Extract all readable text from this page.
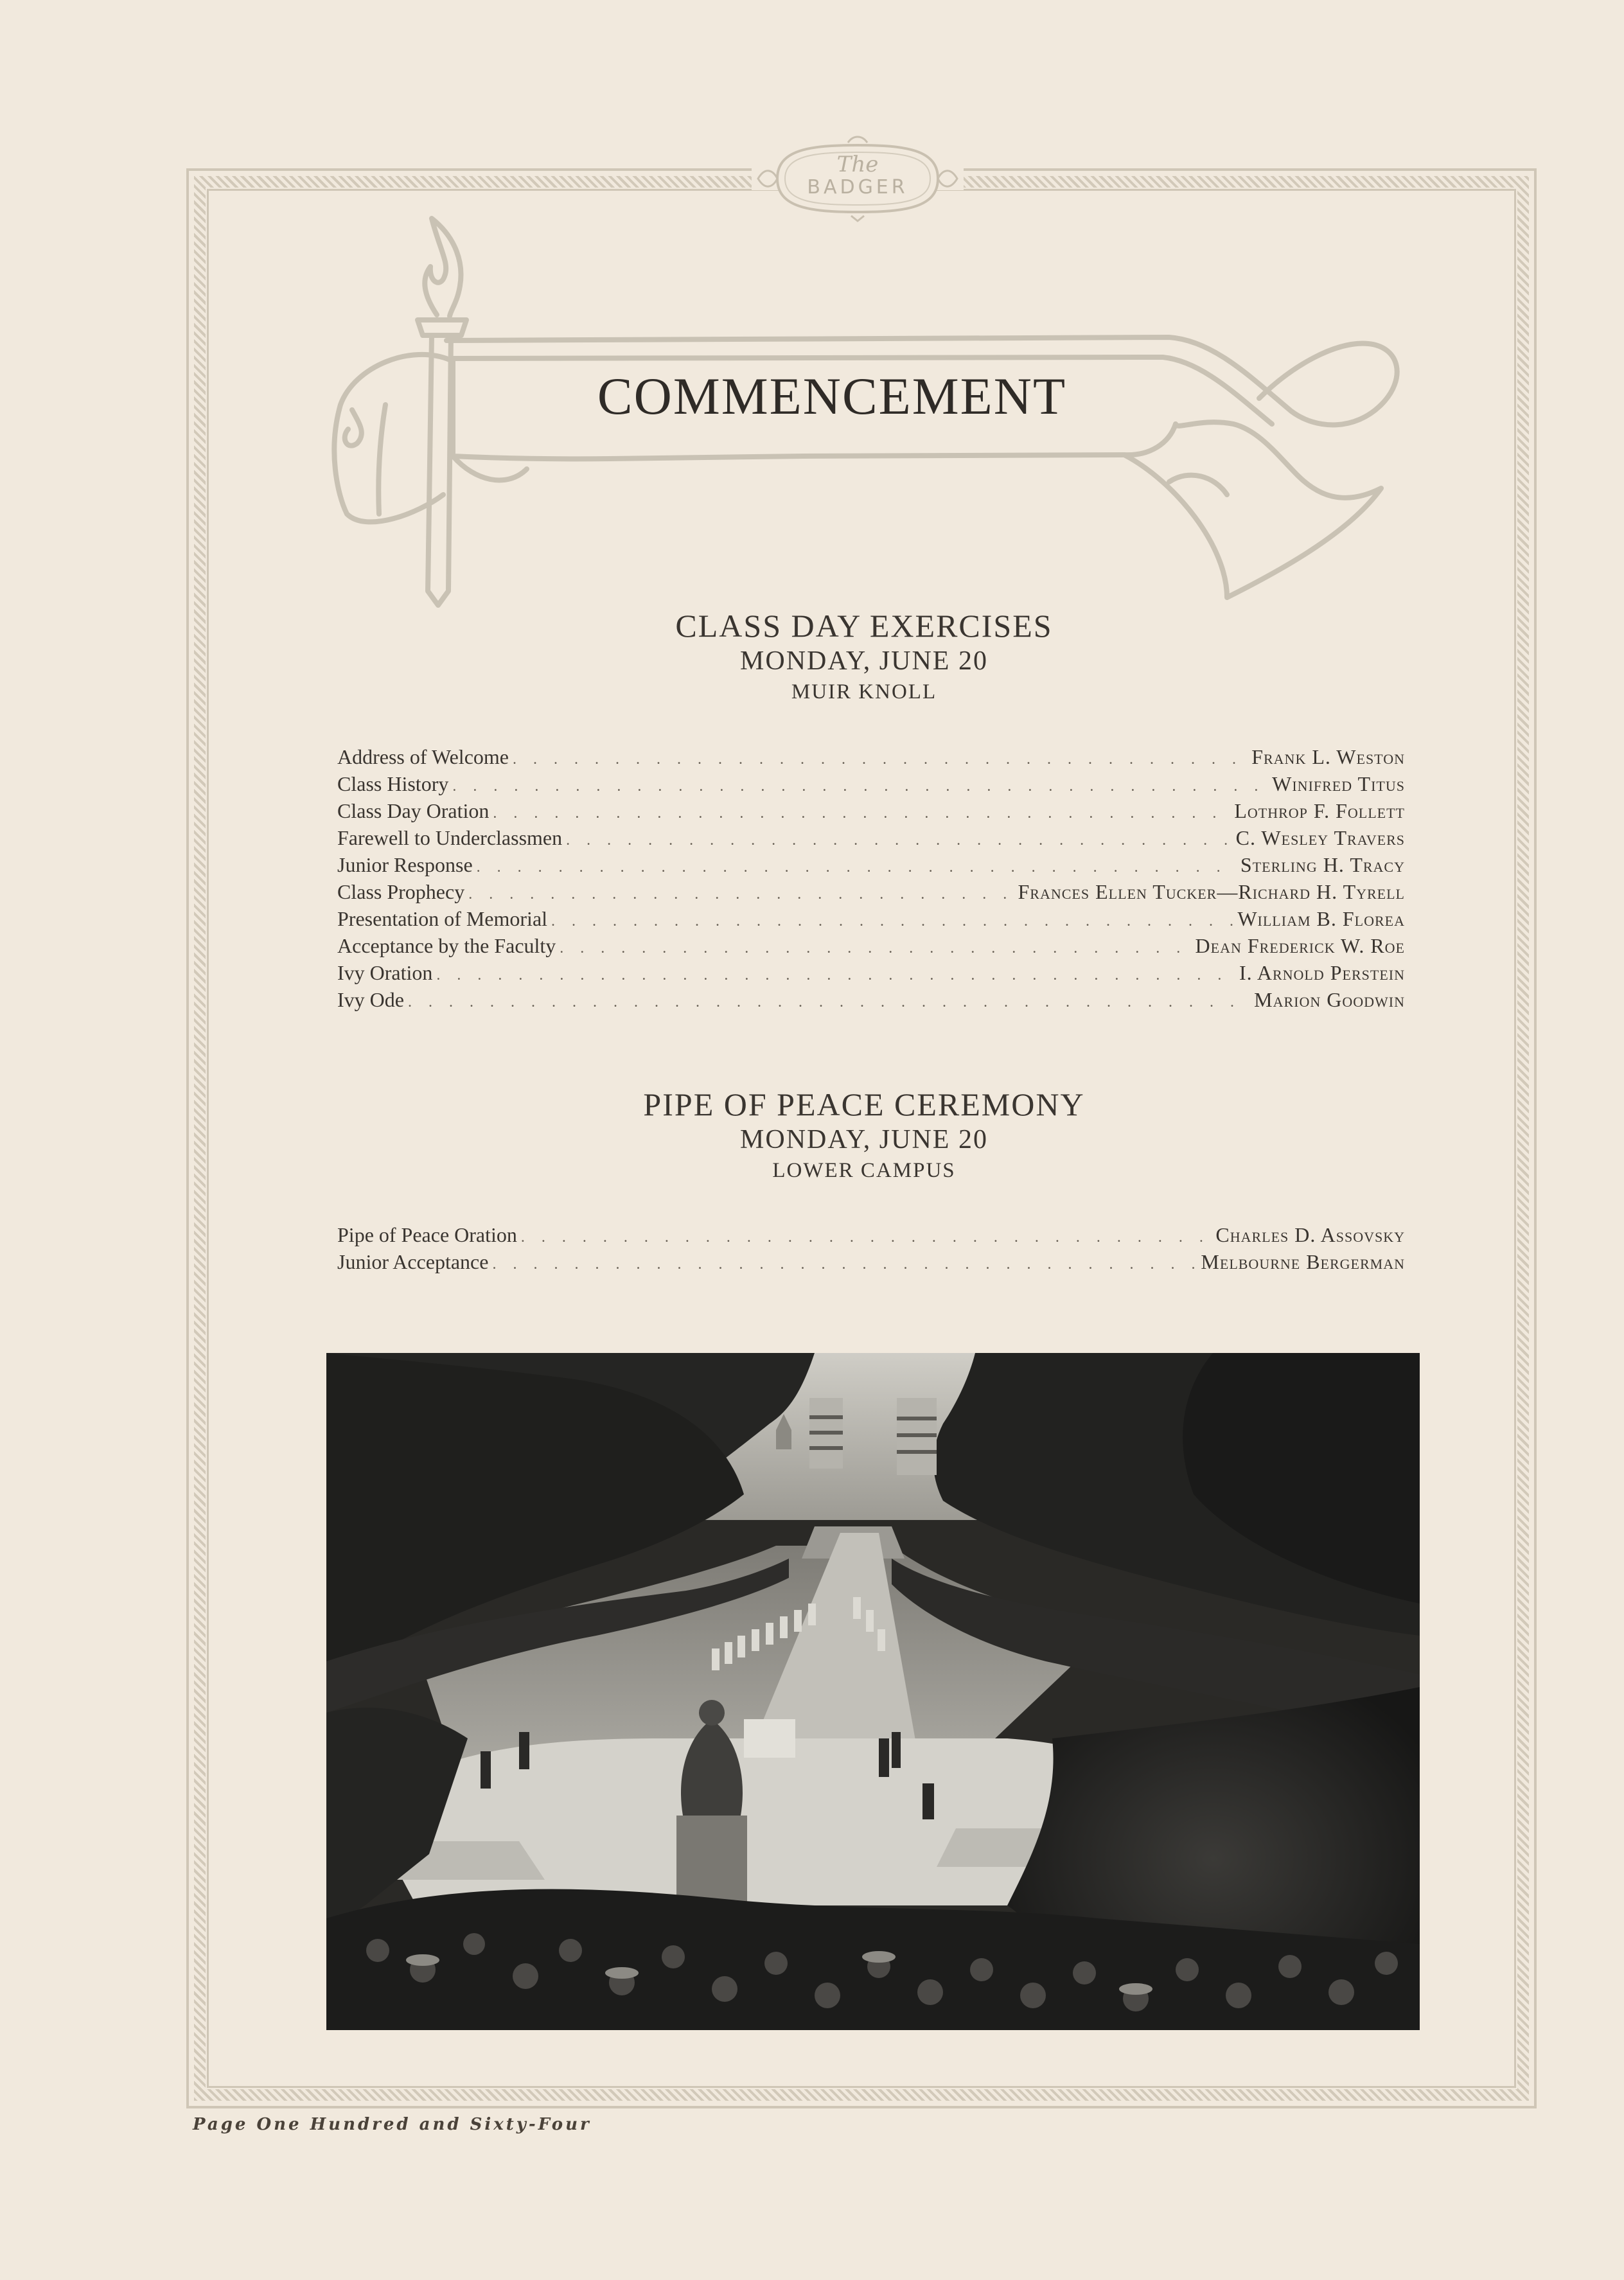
The
BADGER
COMMENCEMENT
CLASS DAY EXERCISES
MONDAY, JUNE 20
MUIR KNOLL
Address of Welcome . . .	Frank L. Weston
Class History . . .	Winifred Titus
Class Day Oration . . .	Lothrop F. Follett
Farewell to Underclassmen . . .	C. Wesley Travers
Junior Response . . .	Sterling H. Tracy
Class Prophecy . . .	Frances Ellen Tucker—Richard H. Tyrell
Presentation of Memorial . . .	William B. Florea
Acceptance by the Faculty . . .	Dean Frederick W. Roe
Ivy Oration . . .	I. Arnold Perstein
Ivy Ode . . .	Marion Goodwin
PIPE OF PEACE CEREMONY
MONDAY, JUNE 20
LOWER CAMPUS
Pipe of Peace Oration . . .	Charles D. Assovsky
Junior Acceptance . . .	Melbourne Bergerman
Page One Hundred and Sixty-Four
